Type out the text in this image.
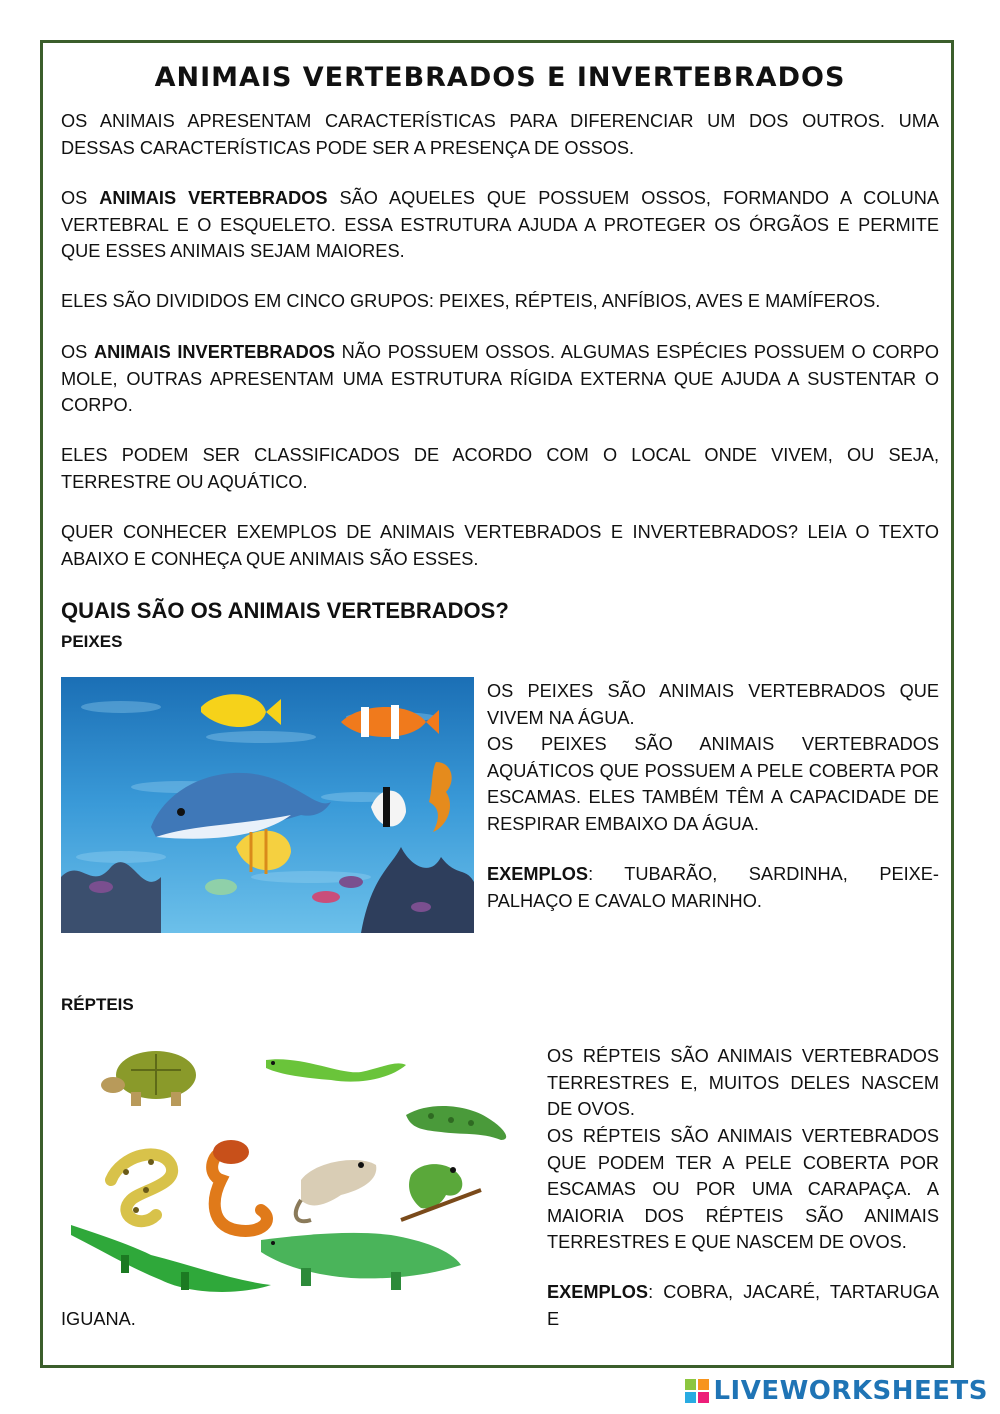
ANIMAIS VERTEBRADOS E INVERTEBRADOS

OS ANIMAIS APRESENTAM CARACTERÍSTICAS PARA DIFERENCIAR UM DOS OUTROS. UMA DESSAS CARACTERÍSTICAS PODE SER A PRESENÇA DE OSSOS.

OS ANIMAIS VERTEBRADOS SÃO AQUELES QUE POSSUEM OSSOS, FORMANDO A COLUNA VERTEBRAL E O ESQUELETO. ESSA ESTRUTURA AJUDA A PROTEGER OS ÓRGÃOS E PERMITE QUE ESSES ANIMAIS SEJAM MAIORES.

ELES SÃO DIVIDIDOS EM CINCO GRUPOS: PEIXES, RÉPTEIS, ANFÍBIOS, AVES E MAMÍFEROS.

OS ANIMAIS INVERTEBRADOS NÃO POSSUEM OSSOS. ALGUMAS ESPÉCIES POSSUEM O CORPO MOLE, OUTRAS APRESENTAM UMA ESTRUTURA RÍGIDA EXTERNA QUE AJUDA A SUSTENTAR O CORPO.

ELES PODEM SER CLASSIFICADOS DE ACORDO COM O LOCAL ONDE VIVEM, OU SEJA, TERRESTRE OU AQUÁTICO.

QUER CONHECER EXEMPLOS DE ANIMAIS VERTEBRADOS E INVERTEBRADOS? LEIA O TEXTO ABAIXO E CONHEÇA QUE ANIMAIS SÃO ESSES.

QUAIS SÃO OS ANIMAIS VERTEBRADOS?
PEIXES

OS PEIXES SÃO ANIMAIS VERTEBRADOS QUE VIVEM NA ÁGUA.

OS PEIXES SÃO ANIMAIS VERTEBRADOS AQUÁTICOS QUE POSSUEM A PELE COBERTA POR ESCAMAS. ELES TAMBÉM TÊM A CAPACIDADE DE RESPIRAR EMBAIXO DA ÁGUA.

EXEMPLOS: TUBARÃO, SARDINHA, PEIXE-PALHAÇO E CAVALO MARINHO.

RÉPTEIS

OS RÉPTEIS SÃO ANIMAIS VERTEBRADOS TERRESTRES E, MUITOS DELES NASCEM DE OVOS.

OS RÉPTEIS SÃO ANIMAIS VERTEBRADOS QUE PODEM TER A PELE COBERTA POR ESCAMAS OU POR UMA CARAPAÇA. A MAIORIA DOS RÉPTEIS SÃO ANIMAIS TERRESTRES E QUE NASCEM DE OVOS.

EXEMPLOS: COBRA, JACARÉ, TARTARUGA E

IGUANA.

LIVEWORKSHEETS
